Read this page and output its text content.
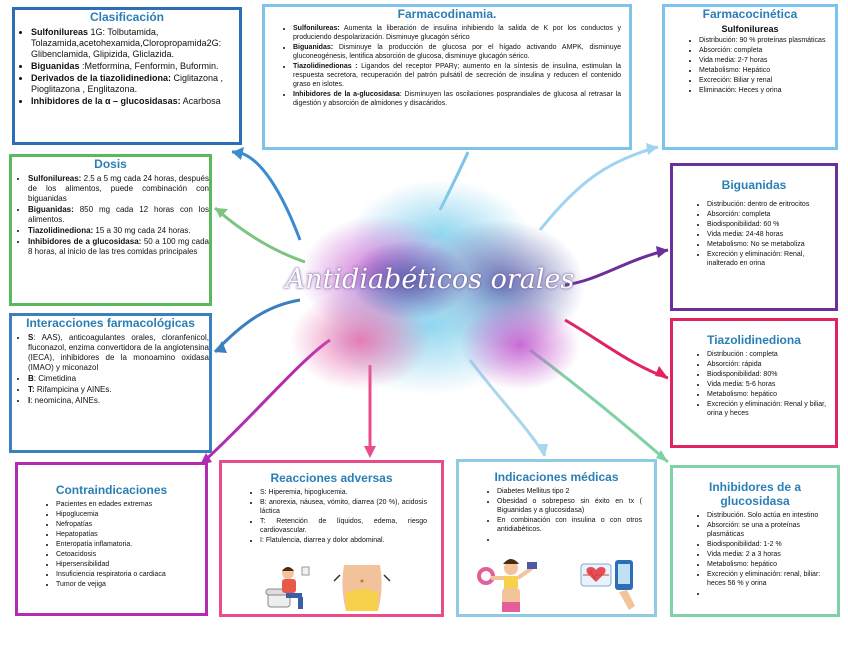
Antidiabéticos orales
Clasificación
• Sulfonilureas 1G: Tolbutamida, Tolazamida,acetohexamida,Cloropropamida2G: Glibenclamida, Glipizida, Gliclazida.
• Biguanidas :Metformina, Fenformin, Buformin.
• Derivados de la tiazolidinediona: Ciglitazona , Pioglitazona , Englitazona.
• Inhibidores de la α – glucosidasas: Acarbosa
Dosis
• Sulfonilureas: 2.5 a 5 mg cada 24 horas, después de los alimentos, puede combinación con biguanidas
• Biguanidas: 850 mg cada 12 horas con los alimentos.
• Tiazolidinediona: 15 a 30 mg cada 24 horas.
• Inhibidores de a glucosidasa: 50 a 100 mg cada 8 horas, al inicio de las tres comidas principales
Interacciones farmacológicas
• S: AAS), anticoagulantes orales, cloranfenicol, fluconazol, enzima convertidora de la angiotensina (IECA), inhibidores de la monoamino oxidasa (IMAO) y miconazol
• B: Cimetidina
• T: Rifampicina y AINEs.
• I: neomicina, AINEs.
Farmacodinamia.
• Sulfonilureas: Aumenta la liberación de insulina inhibiendo la salida de K por los conductos y produciendo despolarización. Disminuye glucagón sérico
• Biguanidas: Disminuye la producción de glucosa por el hígado activando AMPK, disminuye gluconeogénesis, lentifica absorción de glucosa, disminuye glucagón sérico.
• Tiazolidinedionas : Ligandos del receptor PPARγ; aumento en la síntesis de insulina, estimulan la respuesta secretora, recuperación del patrón pulsátil de secreción de insulina y reducen el contenido graso en islotes.
• Inhibidores de la a-glucosidasa: Disminuyen las oscilaciones posprandiales de glucosa al retrasar la digestión y absorción de almidones y disacáridos.
Farmacocinética
Sulfonilureas
• Distribución: 90 % proteínas plasmáticas
• Absorción: completa
• Vida media: 2-7 horas
• Metabolismo: Hepático
• Excreción: Biliar y renal
• Eliminación: Heces y orina
Biguanidas
• Distribución: dentro de eritrocitos
• Absorción: completa
• Biodisponibilidad: 60 %
• Vida media: 24-48 horas
• Metabolismo: No se metaboliza
• Excreción y eliminación: Renal, inalterado en orina
Tiazolidinediona
• Distribución : completa
• Absorción: rápida
• Biodisponibilidad: 80%
• Vida media: 5-6 horas
• Metabolismo: hepático
• Excreción y eliminación: Renal y biliar, orina y heces
Inhibidores de a glucosidasa
• Distribución. Solo actúa en intestino
• Absorción: se una a proteínas plasmáticas
• Biodisponibilidad: 1-2 %
• Vida media: 2 a 3 horas
• Metabolismo: hepático
• Excreción y eliminación: renal, biliar: heces 56 % y orina
•
Contraindicaciones
• Pacientes en edades extremas
• Hipoglucemia
• Nefropatías
• Hepatopatías
• Enteropatía inflamatoria.
• Cetoacidosis
• Hipersensibilidad
• Insuficiencia respiratoria o cardiaca
• Tumor de vejiga
Reacciones adversas
• S: Hiperemia, hipoglucemia.
• B: anorexia, náusea, vómito, diarrea (20 %), acidosis láctica
• T: Retención de líquidos, edema, riesgo cardiovascular.
• I: Flatulencia, diarrea y dolor abdominal.
Indicaciones médicas
• Diabetes Mellitus tipo 2
• Obesidad o sobrepeso sin éxito en tx ( Biguanidas y a glucosidasa)
• En combinación con insulina o con otros antidiabéticos.
•
